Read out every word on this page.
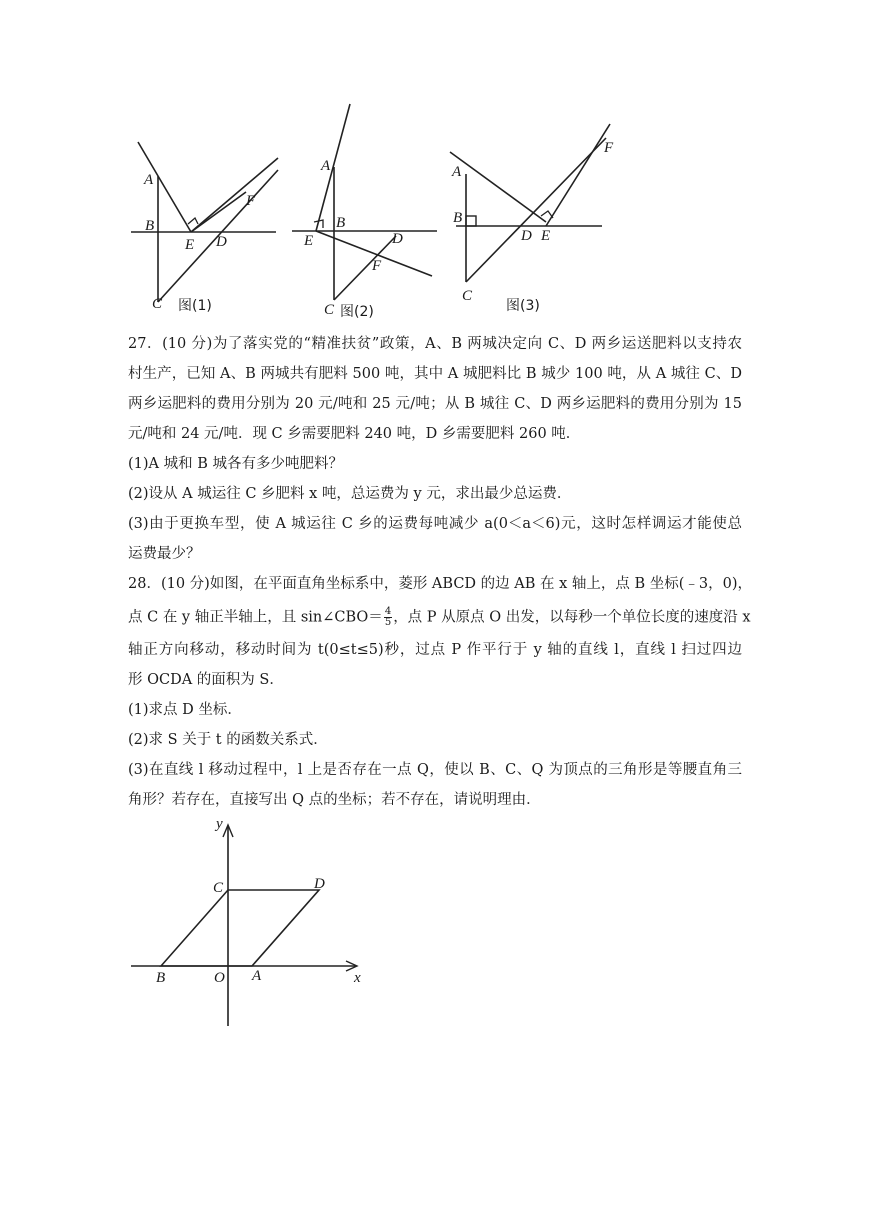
A
B
E D
F
C 图(1)
A
B
E	D
F
C 图(2)
A
B
D E
F
C
图(3)
27．(10 分)为了落实党的“精准扶贫”政策，A、B 两城决定向 C、D 两乡运送肥料以支持农
村生产，已知 A、B 两城共有肥料 500 吨，其中 A 城肥料比 B 城少 100 吨，从 A 城往 C、D
两乡运肥料的费用分别为 20 元/吨和 25 元/吨；从 B 城往 C、D 两乡运肥料的费用分别为 15
元/吨和 24 元/吨．现 C 乡需要肥料 240 吨，D 乡需要肥料 260 吨．
(1)A 城和 B 城各有多少吨肥料？
(2)设从 A 城运往 C 乡肥料 x 吨，总运费为 y 元，求出最少总运费．
(3)由于更换车型，使 A 城运往 C 乡的运费每吨减少 a(0＜a＜6)元，这时怎样调运才能使总
运费最少？
28．(10 分)如图，在平面直角坐标系中，菱形 ABCD 的边 AB 在 x 轴上，点 B 坐标(﹣3，0)，
点 C 在 y 轴正半轴上，且 sin∠CBO＝ $\frac{4}{5}$ ，点 P 从原点 O 出发，以每秒一个单位长度的速度沿 x
轴正方向移动，移动时间为 t(0≤t≤5)秒，过点 P 作平行于 y 轴的直线 l，直线 l 扫过四边
形 OCDA 的面积为 S．
(1)求点 D 坐标．
(2)求 S 关于 t 的函数关系式．
(3)在直线 l 移动过程中，l 上是否存在一点 Q，使以 B、C、Q 为顶点的三角形是等腰直角三
角形？若存在，直接写出 Q 点的坐标；若不存在，请说明理由．
y
x
C	D
B	O A
